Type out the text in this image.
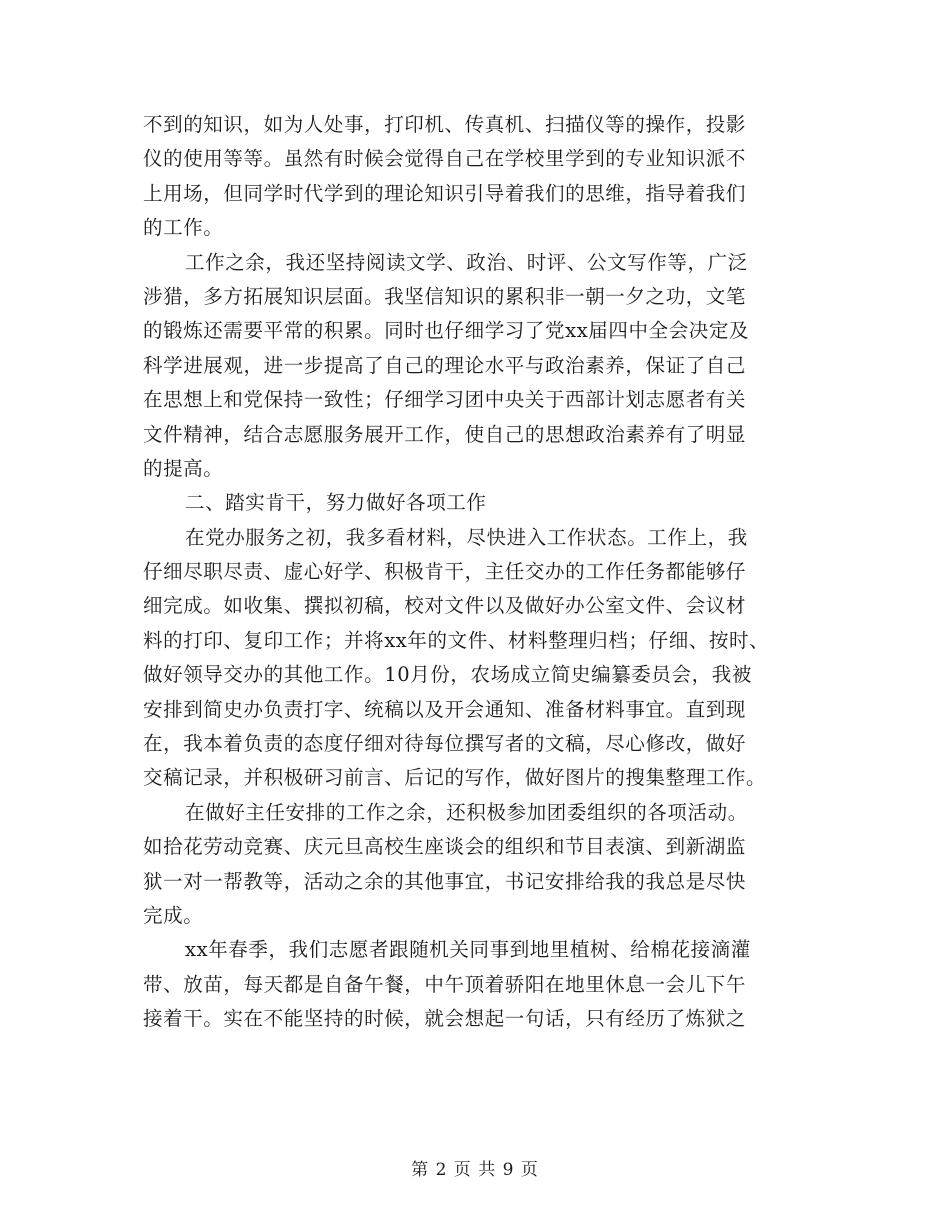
不到的知识，如为人处事，打印机、传真机、扫描仪等的操作，投影
仪的使用等等。虽然有时候会觉得自己在学校里学到的专业知识派不
上用场，但同学时代学到的理论知识引导着我们的思维，指导着我们
的工作。
工作之余，我还坚持阅读文学、政治、时评、公文写作等，广泛
涉猎，多方拓展知识层面。我坚信知识的累积非一朝一夕之功，文笔
的锻炼还需要平常的积累。同时也仔细学习了党xx届四中全会决定及
科学进展观，进一步提高了自己的理论水平与政治素养，保证了自己
在思想上和党保持一致性；仔细学习团中央关于西部计划志愿者有关
文件精神，结合志愿服务展开工作，使自己的思想政治素养有了明显
的提高。
二、踏实肯干，努力做好各项工作
在党办服务之初，我多看材料，尽快进入工作状态。工作上，我
仔细尽职尽责、虚心好学、积极肯干，主任交办的工作任务都能够仔
细完成。如收集、撰拟初稿，校对文件以及做好办公室文件、会议材
料的打印、复印工作；并将xx年的文件、材料整理归档；仔细、按时、
做好领导交办的其他工作。10月份，农场成立简史编纂委员会，我被
安排到简史办负责打字、统稿以及开会通知、准备材料事宜。直到现
在，我本着负责的态度仔细对待每位撰写者的文稿，尽心修改，做好
交稿记录，并积极研习前言、后记的写作，做好图片的搜集整理工作。
在做好主任安排的工作之余，还积极参加团委组织的各项活动。
如拾花劳动竞赛、庆元旦高校生座谈会的组织和节目表演、到新湖监
狱一对一帮教等，活动之余的其他事宜，书记安排给我的我总是尽快
完成。
xx年春季，我们志愿者跟随机关同事到地里植树、给棉花接滴灌
带、放苗，每天都是自备午餐，中午顶着骄阳在地里休息一会儿下午
接着干。实在不能坚持的时候，就会想起一句话，只有经历了炼狱之
第 2 页 共 9 页
